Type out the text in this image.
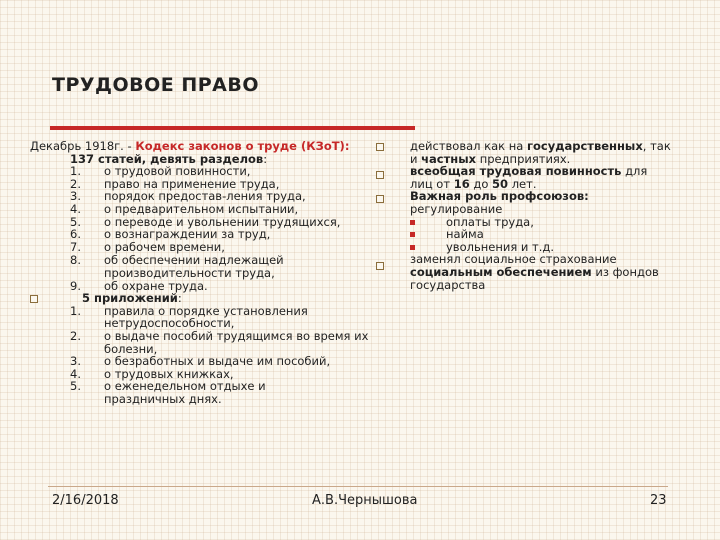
ТРУДОВОЕ ПРАВО
Декабрь 1918г. - Кодекс законов о труде (КЗоТ):
137 статей, девять разделов:
1. о трудовой повинности,
2. право на применение труда,
3. порядок предостав-ления труда,
4. о предварительном испытании,
5. о переводе и увольнении трудящихся,
6. о вознаграждении за труд,
7. о рабочем времени,
8. об обеспечении надлежащей производительности труда,
9. об охране труда.
5 приложений:
1. правила о порядке установления нетрудоспособности,
2. о выдаче пособий трудящимся во время их болезни,
3. о безработных и выдаче им пособий,
4. о трудовых книжках,
5. о еженедельном отдыхе и праздничных днях.
действовал как на государственных, так и частных предприятиях.
всеобщая трудовая повинность для лиц от 16 до 50 лет.
Важная роль профсоюзов: регулирование
оплаты труда,
найма
увольнения и т.д.
заменял социальное страхование социальным обеспечением из фондов государства
2/16/2018	А.В.Чернышова	23
